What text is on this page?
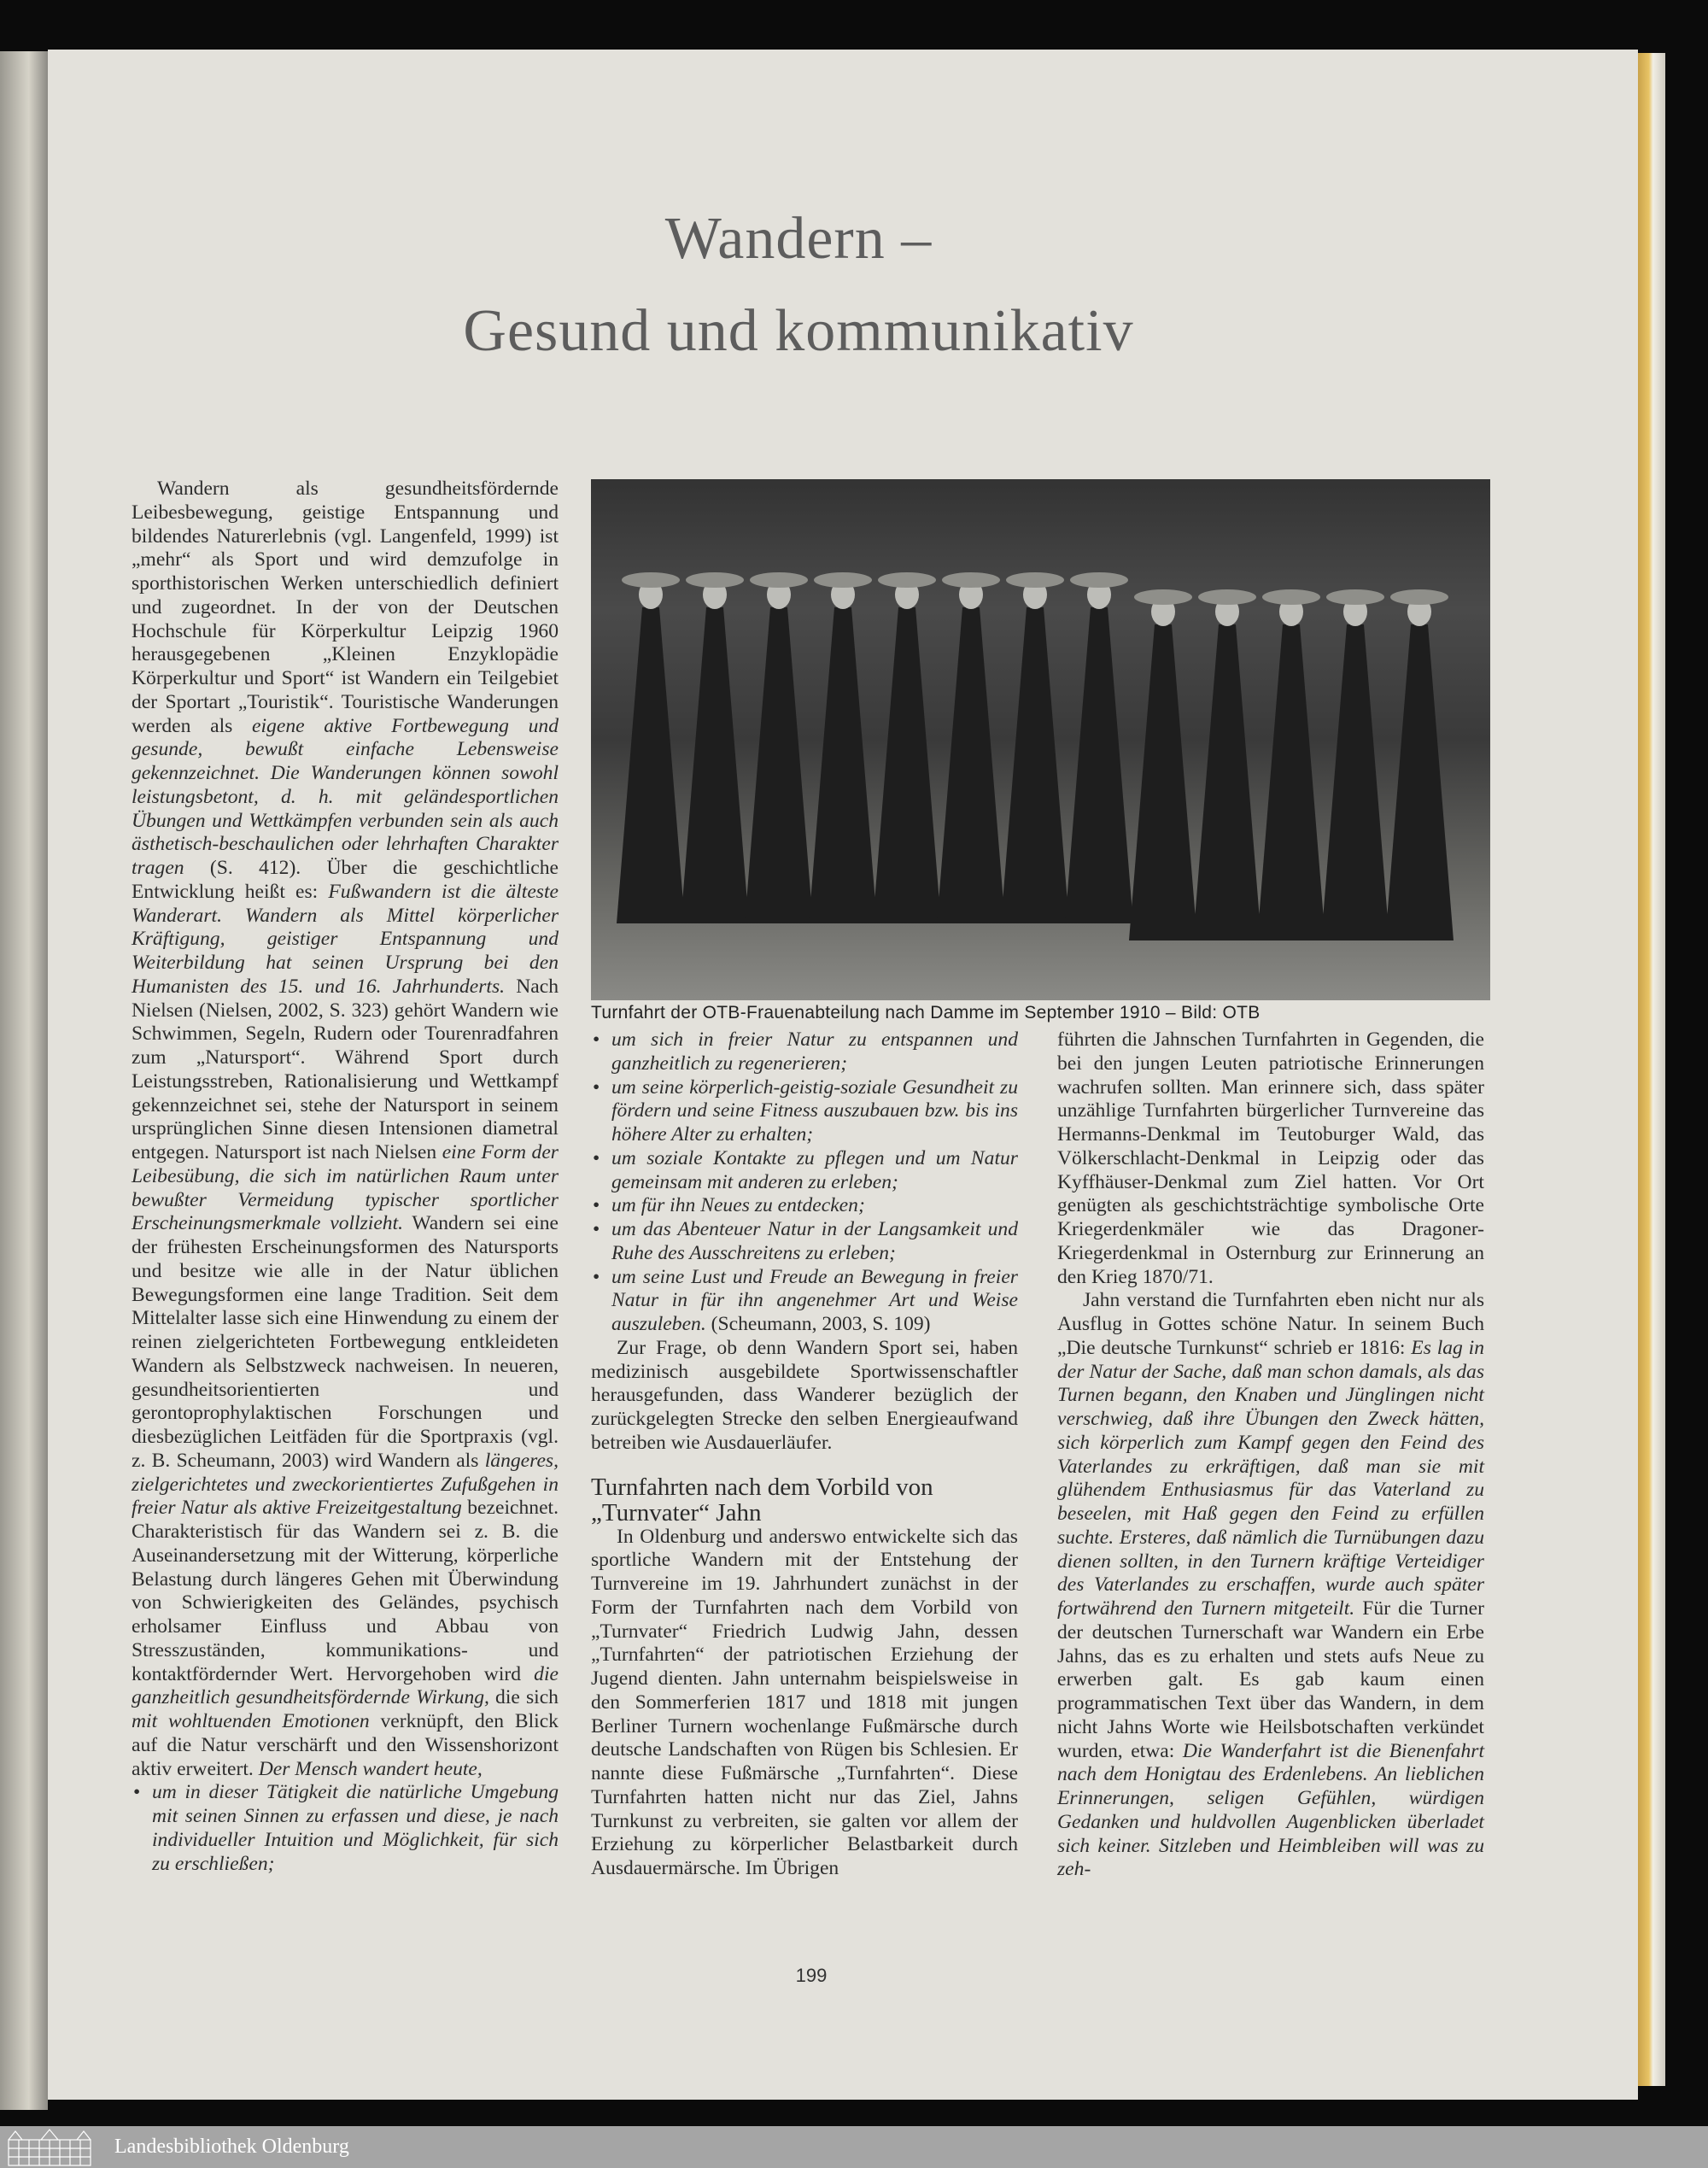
Wandern –
Gesund und kommunikativ

Wandern als gesundheitsfördernde Leibesbewegung, geistige Entspannung und bildendes Naturerlebnis (vgl. Langenfeld, 1999) ist „mehr“ als Sport und wird demzufolge in sporthistorischen Werken unterschiedlich definiert und zugeordnet. In der von der Deutschen Hochschule für Körperkultur Leipzig 1960 herausgegebenen „Kleinen Enzyklopädie Körperkultur und Sport“ ist Wandern ein Teilgebiet der Sportart „Touristik“. Touristische Wanderungen werden als eigene aktive Fortbewegung und gesunde, bewußt einfache Lebensweise gekennzeichnet. Die Wanderungen können sowohl leistungsbetont, d. h. mit geländesportlichen Übungen und Wettkämpfen verbunden sein als auch ästhetisch-beschaulichen oder lehrhaften Charakter tragen (S. 412). Über die geschichtliche Entwicklung heißt es: Fußwandern ist die älteste Wanderart. Wandern als Mittel körperlicher Kräftigung, geistiger Entspannung und Weiterbildung hat seinen Ursprung bei den Humanisten des 15. und 16. Jahrhunderts. Nach Nielsen (Nielsen, 2002, S. 323) gehört Wandern wie Schwimmen, Segeln, Rudern oder Tourenradfahren zum „Natursport“. Während Sport durch Leistungsstreben, Rationalisierung und Wettkampf gekennzeichnet sei, stehe der Natursport in seinem ursprünglichen Sinne diesen Intensionen diametral entgegen. Natursport ist nach Nielsen eine Form der Leibesübung, die sich im natürlichen Raum unter bewußter Vermeidung typischer sportlicher Erscheinungsmerkmale vollzieht. Wandern sei eine der frühesten Erscheinungsformen des Natursports und besitze wie alle in der Natur üblichen Bewegungsformen eine lange Tradition. Seit dem Mittelalter lasse sich eine Hinwendung zu einem der reinen zielgerichteten Fortbewegung entkleideten Wandern als Selbstzweck nachweisen. In neueren, gesundheitsorientierten und gerontoprophylaktischen Forschungen und diesbezüglichen Leitfäden für die Sportpraxis (vgl. z. B. Scheumann, 2003) wird Wandern als längeres, zielgerichtetes und zweckorientiertes Zufußgehen in freier Natur als aktive Freizeitgestaltung bezeichnet. Charakteristisch für das Wandern sei z. B. die Auseinandersetzung mit der Witterung, körperliche Belastung durch längeres Gehen mit Überwindung von Schwierigkeiten des Geländes, psychisch erholsamer Einfluss und Abbau von Stresszuständen, kommunikations- und kontaktfördernder Wert. Hervorgehoben wird die ganzheitlich gesundheitsfördernde Wirkung, die sich mit wohltuenden Emotionen verknüpft, den Blick auf die Natur verschärft und den Wissenshorizont aktiv erweitert. Der Mensch wandert heute,

• um in dieser Tätigkeit die natürliche Umgebung mit seinen Sinnen zu erfassen und diese, je nach individueller Intuition und Möglichkeit, für sich zu erschließen;

Turnfahrt der OTB-Frauenabteilung nach Damme im September 1910 – Bild: OTB

• um sich in freier Natur zu entspannen und ganzheitlich zu regenerieren;

• um seine körperlich-geistig-soziale Gesundheit zu fördern und seine Fitness auszubauen bzw. bis ins höhere Alter zu erhalten;

• um soziale Kontakte zu pflegen und um Natur gemeinsam mit anderen zu erleben;

• um für ihn Neues zu entdecken;

• um das Abenteuer Natur in der Langsamkeit und Ruhe des Ausschreitens zu erleben;

• um seine Lust und Freude an Bewegung in freier Natur in für ihn angenehmer Art und Weise auszuleben. (Scheumann, 2003, S. 109)

Zur Frage, ob denn Wandern Sport sei, haben medizinisch ausgebildete Sportwissenschaftler herausgefunden, dass Wanderer bezüglich der zurückgelegten Strecke den selben Energieaufwand betreiben wie Ausdauerläufer.

Turnfahrten nach dem Vorbild von „Turnvater“ Jahn

In Oldenburg und anderswo entwickelte sich das sportliche Wandern mit der Entstehung der Turnvereine im 19. Jahrhundert zunächst in der Form der Turnfahrten nach dem Vorbild von „Turnvater“ Friedrich Ludwig Jahn, dessen „Turnfahrten“ der patriotischen Erziehung der Jugend dienten. Jahn unternahm beispielsweise in den Sommerferien 1817 und 1818 mit jungen Berliner Turnern wochenlange Fußmärsche durch deutsche Landschaften von Rügen bis Schlesien. Er nannte diese Fußmärsche „Turnfahrten“. Diese Turnfahrten hatten nicht nur das Ziel, Jahns Turnkunst zu verbreiten, sie galten vor allem der Erziehung zu körperlicher Belastbarkeit durch Ausdauermärsche. Im Übrigen

führten die Jahnschen Turnfahrten in Gegenden, die bei den jungen Leuten patriotische Erinnerungen wachrufen sollten. Man erinnere sich, dass später unzählige Turnfahrten bürgerlicher Turnvereine das Hermanns-Denkmal im Teutoburger Wald, das Völkerschlacht-Denkmal in Leipzig oder das Kyffhäuser-Denkmal zum Ziel hatten. Vor Ort genügten als geschichtsträchtige symbolische Orte Kriegerdenkmäler wie das Dragoner-Kriegerdenkmal in Osternburg zur Erinnerung an den Krieg 1870/71.

Jahn verstand die Turnfahrten eben nicht nur als Ausflug in Gottes schöne Natur. In seinem Buch „Die deutsche Turnkunst“ schrieb er 1816: Es lag in der Natur der Sache, daß man schon damals, als das Turnen begann, den Knaben und Jünglingen nicht verschwieg, daß ihre Übungen den Zweck hätten, sich körperlich zum Kampf gegen den Feind des Vaterlandes zu erkräftigen, daß man sie mit glühendem Enthusiasmus für das Vaterland zu beseelen, mit Haß gegen den Feind zu erfüllen suchte. Ersteres, daß nämlich die Turnübungen dazu dienen sollten, in den Turnern kräftige Verteidiger des Vaterlandes zu erschaffen, wurde auch später fortwährend den Turnern mitgeteilt. Für die Turner der deutschen Turnerschaft war Wandern ein Erbe Jahns, das es zu erhalten und stets aufs Neue zu erwerben galt. Es gab kaum einen programmatischen Text über das Wandern, in dem nicht Jahns Worte wie Heilsbotschaften verkündet wurden, etwa: Die Wanderfahrt ist die Bienenfahrt nach dem Honigtau des Erdenlebens. An lieblichen Erinnerungen, seligen Gefühlen, würdigen Gedanken und huldvollen Augenblicken überladet sich keiner. Sitzleben und Heimbleiben will was zu zeh-

199
Landesbibliothek Oldenburg
